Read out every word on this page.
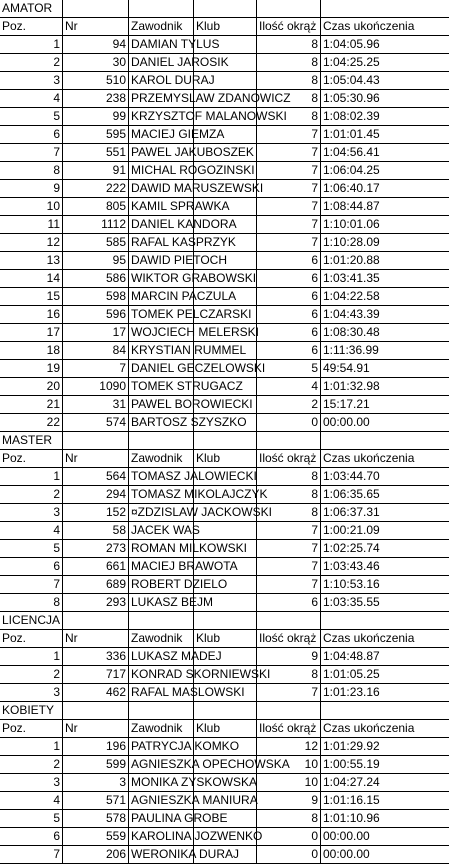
AMATOR
Poz.	Nr	Zawodnik	Klub	Ilość okrąż Czas ukończenia
1	94 DAMIAN TYLUS	8 1:04:05.96
2	30 DANIEL JAROSIK	8 1:04:25.25
3	510 KAROL DURAJ	8 1:05:04.43
4	238 PRZEMYSLAW ZDANOWICZ	8 1:05:30.96
5	99 KRZYSZTOF MALANOWSKI	8 1:08:02.39
6	595 MACIEJ GIEMZA	7 1:01:01.45
7	551 PAWEL JAKUBOSZEK	7 1:04:56.41
8	91 MICHAL ROGOZINSKI	7 1:06:04.25
9	222 DAWID MARUSZEWSKI	7 1:06:40.17
10	805 KAMIL SPRAWKA	7 1:08:44.87
11	1112 DANIEL KANDORA	7 1:10:01.06
12	585 RAFAL KASPRZYK	7 1:10:28.09
13	95 DAWID PIETOCH	6 1:01:20.88
14	586 WIKTOR GRABOWSKI	6 1:03:41.35
15	598 MARCIN PACZULA	6 1:04:22.58
16	596 TOMEK PELCZARSKI	6 1:04:43.39
17	17 WOJCIECH MELERSKI	6 1:08:30.48
18	84 KRYSTIAN RUMMEL	6 1:11:36.99
19	7 DANIEL GECZELOWSKI	5 49:54.91
20	1090 TOMEK STRUGACZ	4 1:01:32.98
21	31 PAWEL BOROWIECKI	2 15:17.21
22	574 BARTOSZ SZYSZKO	0 00:00.00
MASTER
Poz.	Nr	Zawodnik	Klub	Ilość okrąż Czas ukończenia
1	564 TOMASZ JALOWIECKI	8 1:03:44.70
2	294 TOMASZ MIKOLAJCZYK	8 1:06:35.65
3	152 ¤ZDZISLAW JACKOWSKI	8 1:06:37.31
4	58 JACEK WAS	7 1:00:21.09
5	273 ROMAN MILKOWSKI	7 1:02:25.74
6	661 MACIEJ BRAWOTA	7 1:03:43.46
7	689 ROBERT DZIELO	7 1:10:53.16
8	293 LUKASZ BEJM	6 1:03:35.55
LICENCJA
Poz.	Nr	Zawodnik	Klub	Ilość okrąż Czas ukończenia
1	336 LUKASZ MADEJ	9 1:04:48.87
2	717 KONRAD SKORNIEWSKI	8 1:01:05.25
3	462 RAFAL MASLOWSKI	7 1:01:23.16
KOBIETY
Poz.	Nr	Zawodnik	Klub	Ilość okrąż Czas ukończenia
1	196 PATRYCJA KOMKO	12 1:01:29.92
2	599 AGNIESZKA OPECHOWSKA	10 1:00:55.19
3	3 MONIKA ZYSKOWSKA	10 1:04:27.24
4	571 AGNIESZKA MANIURA	9 1:01:16.15
5	578 PAULINA GROBE	8 1:01:10.96
6	559 KAROLINA JOZWENKO	0 00:00.00
7	206 WERONIKA DURAJ	0 00:00.00
